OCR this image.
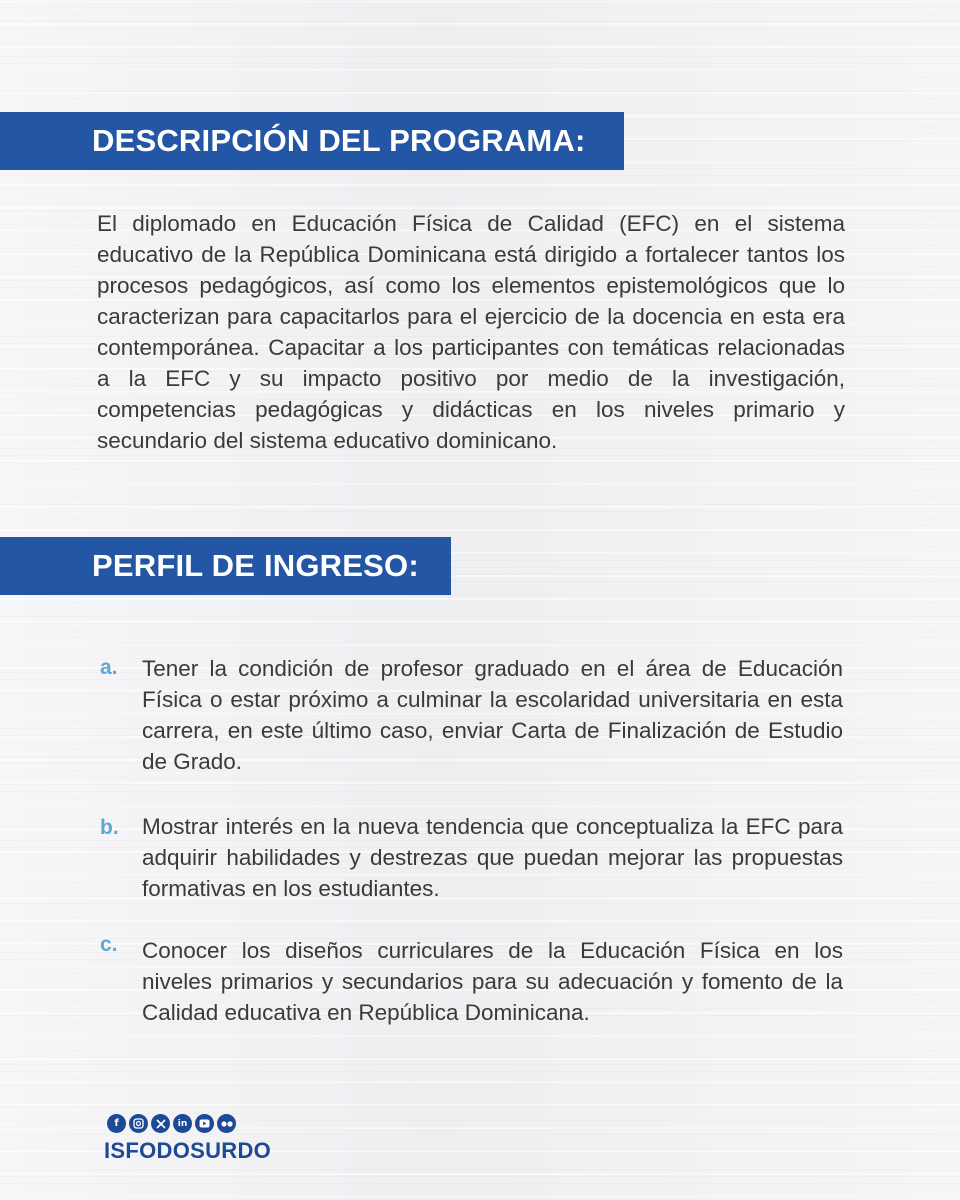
DESCRIPCIÓN DEL PROGRAMA:
El diplomado en Educación Física de Calidad (EFC) en el sistema educativo de la República Dominicana está dirigido a fortalecer tantos los procesos pedagógicos, así como los elementos epistemológicos que lo caracterizan para capacitarlos para el ejercicio de la docencia en esta era contemporánea. Capacitar a los participantes con temáticas relacionadas a la EFC y su impacto positivo por medio de la investigación, competencias pedagógicas y didácticas en los niveles primario y secundario del sistema educativo dominicano.
PERFIL DE INGRESO:
a. Tener la condición de profesor graduado en el área de Educación Física o estar próximo a culminar la escolaridad universitaria en esta carrera, en este último caso, enviar Carta de Finalización de Estudio de Grado.
b. Mostrar interés en la nueva tendencia que conceptualiza la EFC para adquirir habilidades y destrezas que puedan mejorar las propuestas formativas en los estudiantes.
c. Conocer los diseños curriculares de la Educación Física en los niveles primarios y secundarios para su adecuación y fomento de la Calidad educativa en República Dominicana.
f	in
ISFODOSURDO
